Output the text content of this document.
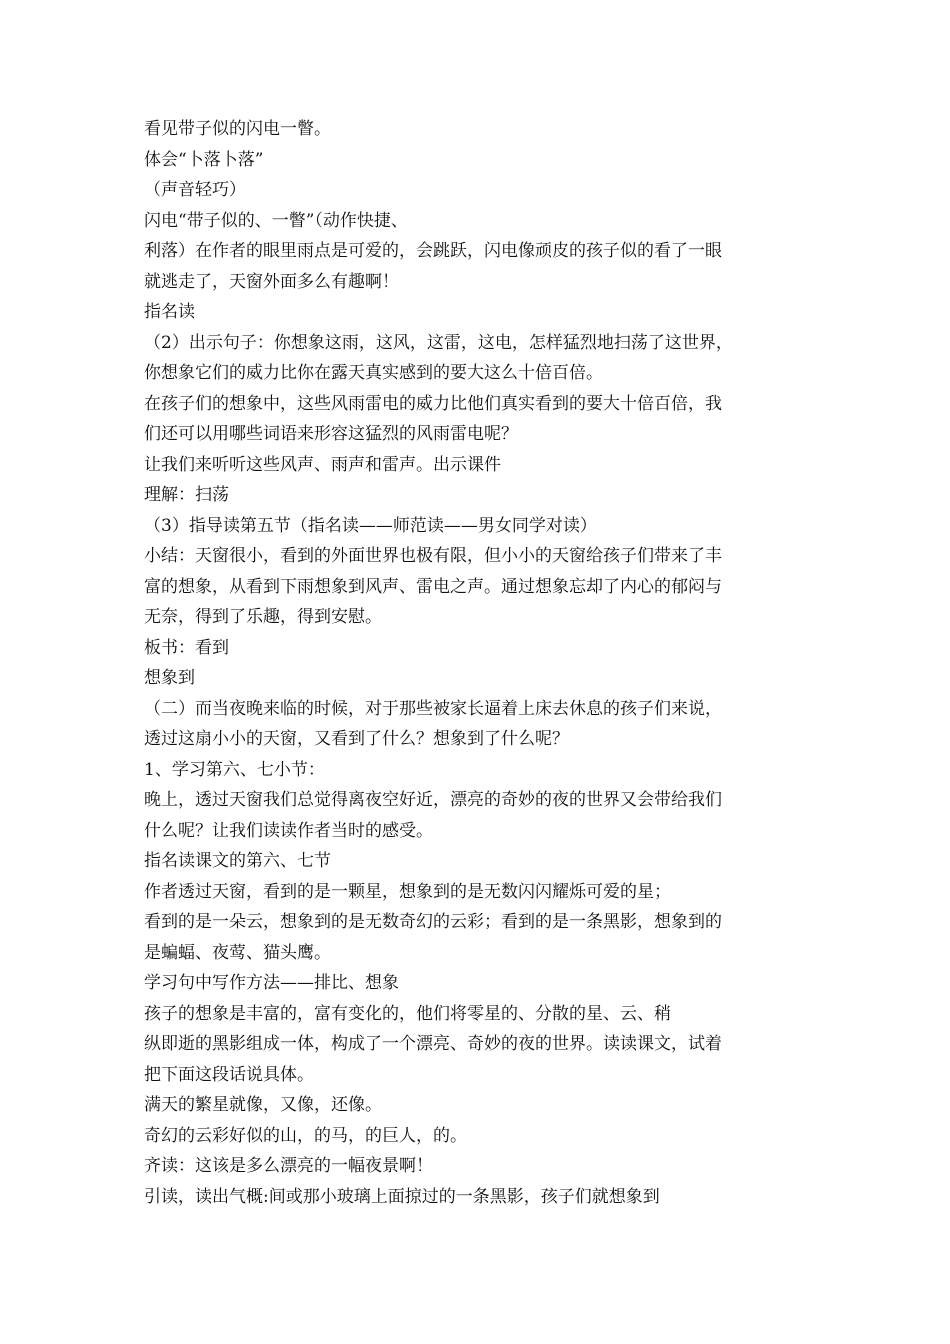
看见带子似的闪电一瞥。
体会“卜落卜落”
（声音轻巧）
闪电“带子似的、一瞥”（动作快捷、
利落）在作者的眼里雨点是可爱的，会跳跃，闪电像顽皮的孩子似的看了一眼
就逃走了，天窗外面多么有趣啊！
指名读
（2）出示句子：你想象这雨，这风，这雷，这电，怎样猛烈地扫荡了这世界，
你想象它们的威力比你在露天真实感到的要大这么十倍百倍。
在孩子们的想象中，这些风雨雷电的威力比他们真实看到的要大十倍百倍，我
们还可以用哪些词语来形容这猛烈的风雨雷电呢？
让我们来听听这些风声、雨声和雷声。出示课件
理解：扫荡
（3）指导读第五节（指名读——师范读——男女同学对读）
小结：天窗很小，看到的外面世界也极有限，但小小的天窗给孩子们带来了丰
富的想象，从看到下雨想象到风声、雷电之声。通过想象忘却了内心的郁闷与
无奈，得到了乐趣，得到安慰。
板书：看到
想象到
（二）而当夜晚来临的时候，对于那些被家长逼着上床去休息的孩子们来说，
透过这扇小小的天窗，又看到了什么？想象到了什么呢？
1、学习第六、七小节：
晚上，透过天窗我们总觉得离夜空好近，漂亮的奇妙的夜的世界又会带给我们
什么呢？让我们读读作者当时的感受。
指名读课文的第六、七节
作者透过天窗，看到的是一颗星，想象到的是无数闪闪耀烁可爱的星；
看到的是一朵云，想象到的是无数奇幻的云彩；看到的是一条黑影，想象到的
是蝙蝠、夜莺、猫头鹰。
学习句中写作方法——排比、想象
孩子的想象是丰富的，富有变化的，他们将零星的、分散的星、云、稍
纵即逝的黑影组成一体，构成了一个漂亮、奇妙的夜的世界。读读课文，试着
把下面这段话说具体。
满天的繁星就像，又像，还像。
奇幻的云彩好似的山，的马，的巨人，的。
齐读：这该是多么漂亮的一幅夜景啊！
引读，读出气概:间或那小玻璃上面掠过的一条黑影，孩子们就想象到
